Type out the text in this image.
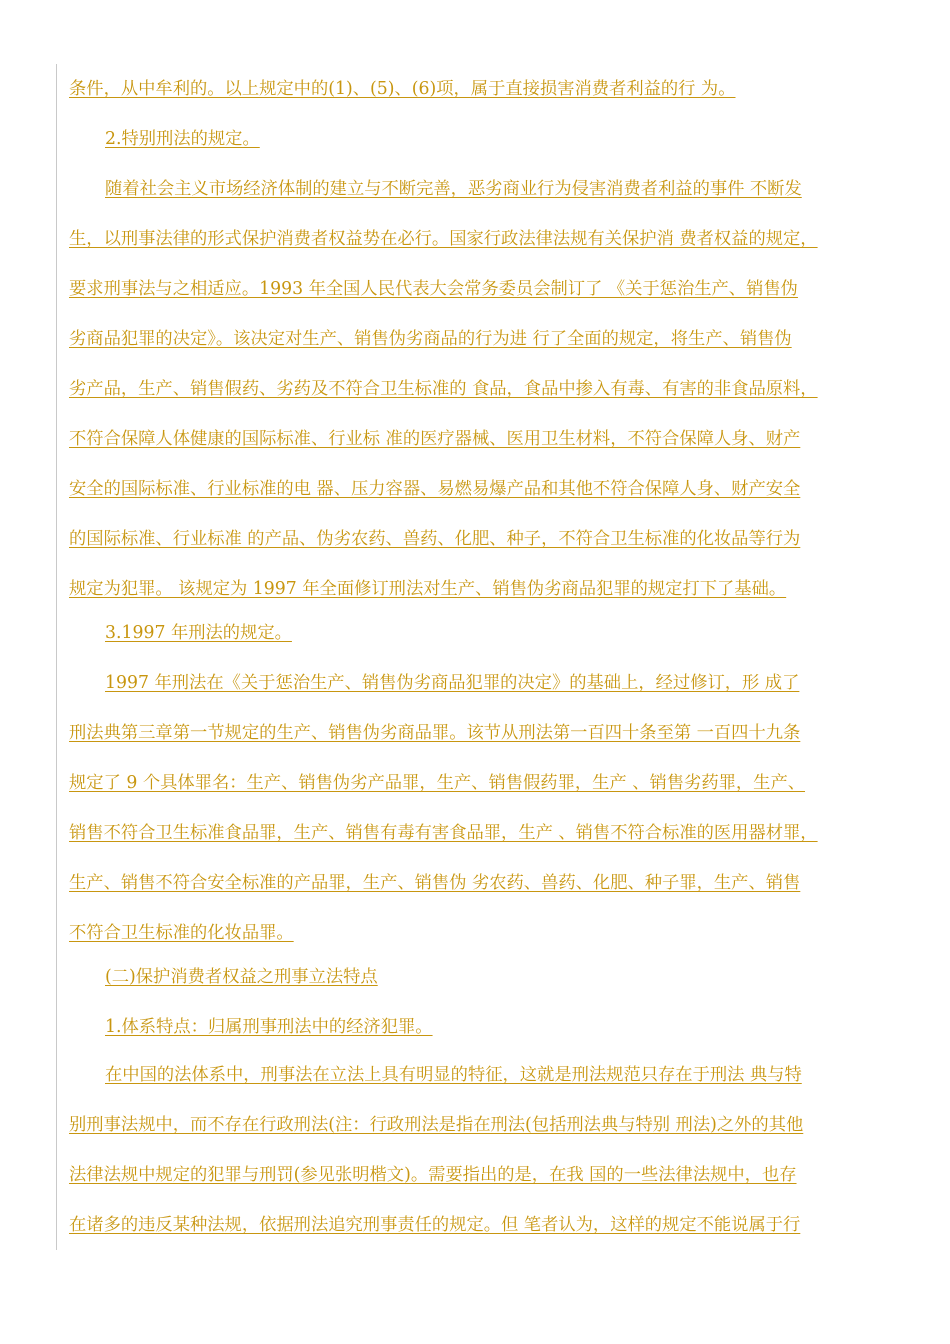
条件，从中牟利的。以上规定中的(1)、(5)、(6)项，属于直接损害消费者利益的行 为。
2.特别刑法的规定。
随着社会主义市场经济体制的建立与不断完善，恶劣商业行为侵害消费者利益的事件 不断发
生，以刑事法律的形式保护消费者权益势在必行。国家行政法律法规有关保护消 费者权益的规定，
要求刑事法与之相适应。1993 年全国人民代表大会常务委员会制订了 《关于惩治生产、销售伪
劣商品犯罪的决定》。该决定对生产、销售伪劣商品的行为进 行了全面的规定，将生产、销售伪
劣产品，生产、销售假药、劣药及不符合卫生标准的 食品，食品中掺入有毒、有害的非食品原料，
不符合保障人体健康的国际标准、行业标 准的医疗器械、医用卫生材料，不符合保障人身、财产
安全的国际标准、行业标准的电 器、压力容器、易燃易爆产品和其他不符合保障人身、财产安全
的国际标准、行业标准 的产品、伪劣农药、兽药、化肥、种子，不符合卫生标准的化妆品等行为
规定为犯罪。 该规定为 1997 年全面修订刑法对生产、销售伪劣商品犯罪的规定打下了基础。
3.1997 年刑法的规定。
1997 年刑法在《关于惩治生产、销售伪劣商品犯罪的决定》的基础上，经过修订，形 成了
刑法典第三章第一节规定的生产、销售伪劣商品罪。该节从刑法第一百四十条至第 一百四十九条
规定了 9 个具体罪名：生产、销售伪劣产品罪，生产、销售假药罪，生产 、销售劣药罪，生产、
销售不符合卫生标准食品罪，生产、销售有毒有害食品罪，生产 、销售不符合标准的医用器材罪，
生产、销售不符合安全标准的产品罪，生产、销售伪 劣农药、兽药、化肥、种子罪，生产、销售
不符合卫生标准的化妆品罪。
(二)保护消费者权益之刑事立法特点
1.体系特点：归属刑事刑法中的经济犯罪。
在中国的法体系中，刑事法在立法上具有明显的特征，这就是刑法规范只存在于刑法 典与特
别刑事法规中，而不存在行政刑法(注：行政刑法是指在刑法(包括刑法典与特别 刑法)之外的其他
法律法规中规定的犯罪与刑罚(参见张明楷文)。需要指出的是，在我 国的一些法律法规中，也存
在诸多的违反某种法规，依据刑法追究刑事责任的规定。但 笔者认为，这样的规定不能说属于行
